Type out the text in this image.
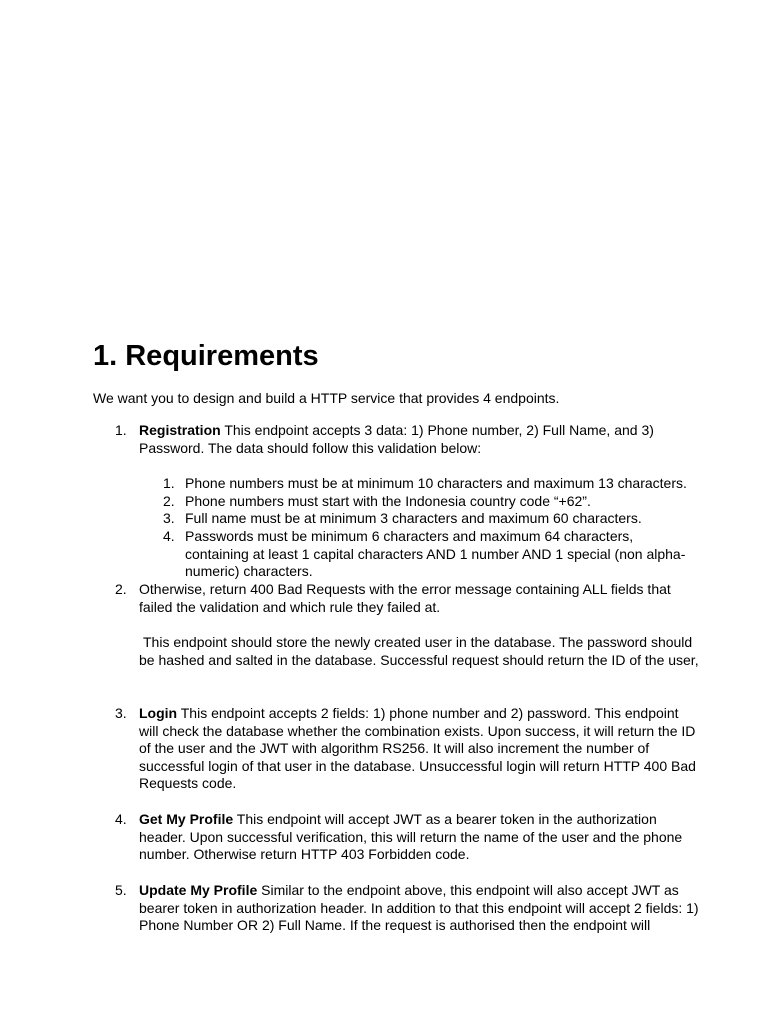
1. Requirements

We want you to design and build a HTTP service that provides 4 endpoints.

1. Registration This endpoint accepts 3 data: 1) Phone number, 2) Full Name, and 3) Password. The data should follow this validation below:

1. Phone numbers must be at minimum 10 characters and maximum 13 characters.

2. Phone numbers must start with the Indonesia country code “+62”.

3. Full name must be at minimum 3 characters and maximum 60 characters.

4. Passwords must be minimum 6 characters and maximum 64 characters, containing at least 1 capital characters AND 1 number AND 1 special (non alpha-numeric) characters.

2. Otherwise, return 400 Bad Requests with the error message containing ALL fields that failed the validation and which rule they failed at.

This endpoint should store the newly created user in the database. The password should be hashed and salted in the database. Successful request should return the ID of the user,

3. Login This endpoint accepts 2 fields: 1) phone number and 2) password. This endpoint will check the database whether the combination exists. Upon success, it will return the ID of the user and the JWT with algorithm RS256. It will also increment the number of successful login of that user in the database. Unsuccessful login will return HTTP 400 Bad Requests code.

4. Get My Profile This endpoint will accept JWT as a bearer token in the authorization header. Upon successful verification, this will return the name of the user and the phone number. Otherwise return HTTP 403 Forbidden code.

5. Update My Profile Similar to the endpoint above, this endpoint will also accept JWT as bearer token in authorization header. In addition to that this endpoint will accept 2 fields: 1) Phone Number OR 2) Full Name. If the request is authorised then the endpoint will
